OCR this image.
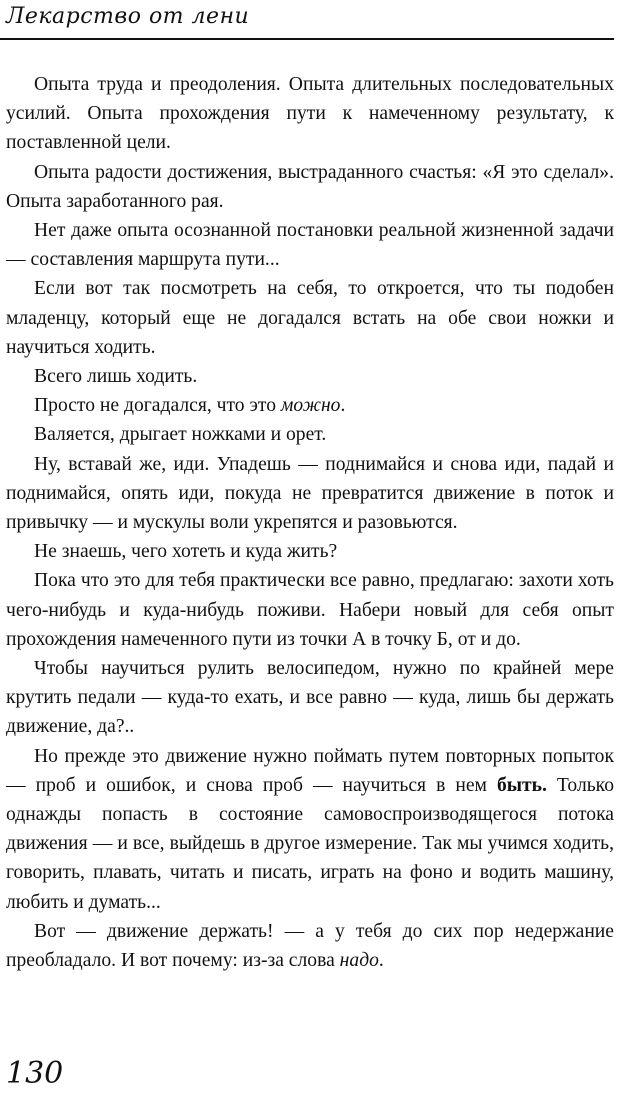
Лекарство от лени

Опыта труда и преодоления. Опыта длительных последовательных усилий. Опыта прохождения пути к намеченному результату, к поставленной цели.

Опыта радости достижения, выстраданного счастья: «Я это сделал». Опыта заработанного рая.

Нет даже опыта осознанной постановки реальной жизненной задачи — составления маршрута пути...

Если вот так посмотреть на себя, то откроется, что ты подобен младенцу, который еще не догадался встать на обе свои ножки и научиться ходить.

Всего лишь ходить.

Просто не догадался, что это можно.

Валяется, дрыгает ножками и орет.

Ну, вставай же, иди. Упадешь — поднимайся и снова иди, падай и поднимайся, опять иди, покуда не превратится движение в поток и привычку — и мускулы воли укрепятся и разовьются.

Не знаешь, чего хотеть и куда жить?

Пока что это для тебя практически все равно, предлагаю: захоти хоть чего-нибудь и куда-нибудь поживи. Набери новый для себя опыт прохождения намеченного пути из точки А в точку Б, от и до.

Чтобы научиться рулить велосипедом, нужно по крайней мере крутить педали — куда-то ехать, и все равно — куда, лишь бы держать движение, да?..

Но прежде это движение нужно поймать путем повторных попыток — проб и ошибок, и снова проб — научиться в нем быть. Только однажды попасть в состояние самовоспроизводящегося потока движения — и все, выйдешь в другое измерение. Так мы учимся ходить, говорить, плавать, читать и писать, играть на фоно и водить машину, любить и думать...

Вот — движение держать! — а у тебя до сих пор недержание преобладало. И вот почему: из-за слова надо.

130
